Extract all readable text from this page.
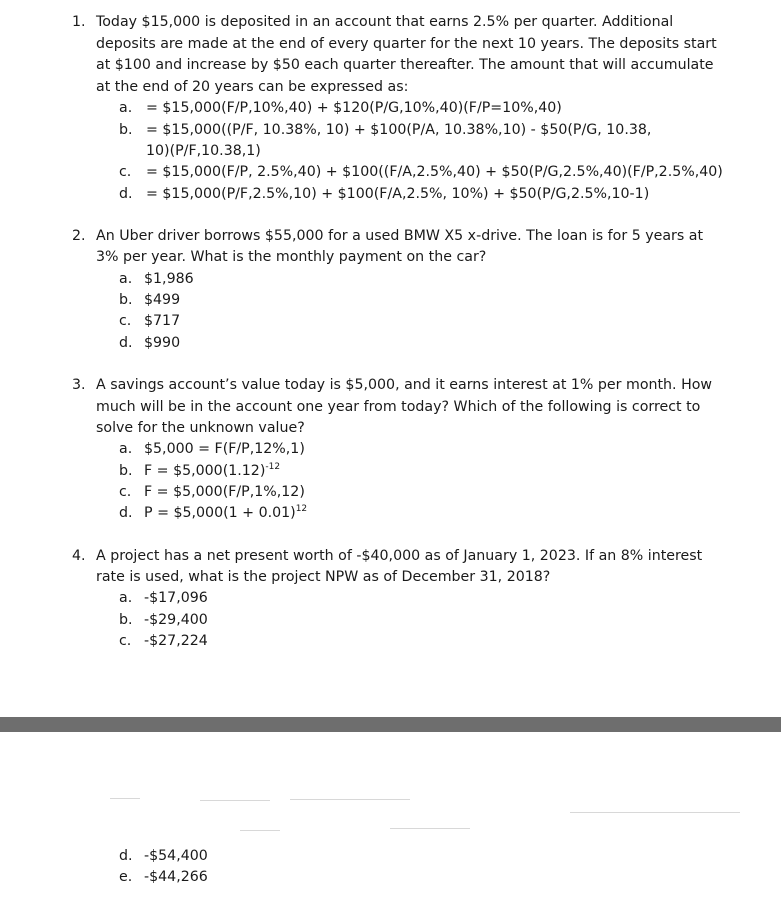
1. Today $15,000 is deposited in an account that earns 2.5% per quarter. Additional
deposits are made at the end of every quarter for the next 10 years. The deposits start
at $100 and increase by $50 each quarter thereafter. The amount that will accumulate
at the end of 20 years can be expressed as:
a. = $15,000(F/P,10%,40) + $120(P/G,10%,40)(F/P=10%,40)
b. = $15,000((P/F, 10.38%, 10) + $100(P/A, 10.38%,10) - $50(P/G, 10.38,
10)(P/F,10.38,1)
c. = $15,000(F/P, 2.5%,40) + $100((F/A,2.5%,40) + $50(P/G,2.5%,40)(F/P,2.5%,40)
d. = $15,000(P/F,2.5%,10) + $100(F/A,2.5%, 10%) + $50(P/G,2.5%,10-1)
2. An Uber driver borrows $55,000 for a used BMW X5 x-drive. The loan is for 5 years at
3% per year. What is the monthly payment on the car?
a. $1,986
b. $499
c. $717
d. $990
3. A savings account’s value today is $5,000, and it earns interest at 1% per month. How
much will be in the account one year from today? Which of the following is correct to
solve for the unknown value?
a. $5,000 = F(F/P,12%,1)
b. $F = \$5,000(1.12)^{-12}$
c. F = $5,000(F/P,1%,12)
d. P = $5,000(1 + 0.01)$^{12}$
4. A project has a net present worth of -$40,000 as of January 1, 2023. If an 8% interest
rate is used, what is the project NPW as of December 31, 2018?
a. -$17,096
b. -$29,400
c. -$27,224
d. -$54,400
e. -$44,266
